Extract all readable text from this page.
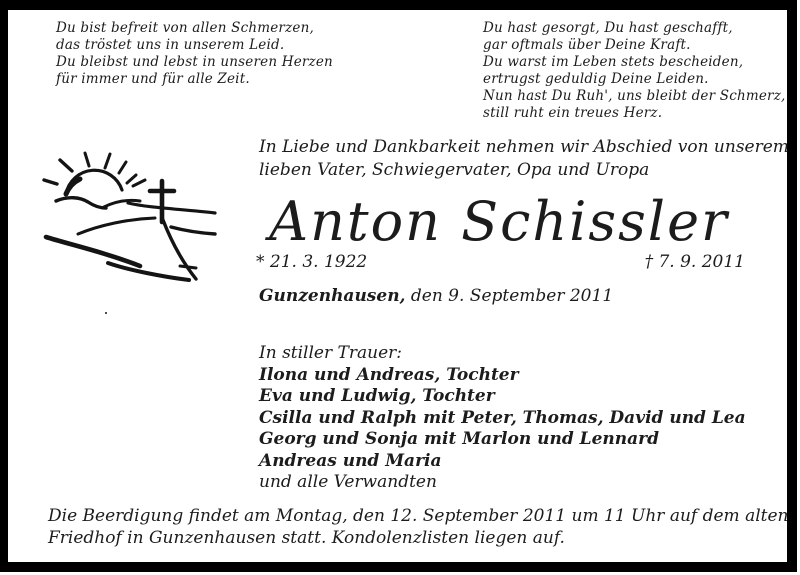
Du bist befreit von allen Schmerzen,
das tröstet uns in unserem Leid.
Du bleibst und lebst in unseren Herzen
für immer und für alle Zeit.
Du hast gesorgt, Du hast geschafft,
gar oftmals über Deine Kraft.
Du warst im Leben stets bescheiden,
ertrugst geduldig Deine Leiden.
Nun hast Du Ruh', uns bleibt der Schmerz,
still ruht ein treues Herz.
In Liebe und Dankbarkeit nehmen wir Abschied von unserem
lieben Vater, Schwiegervater, Opa und Uropa
Anton Schissler
* 21. 3. 1922	† 7. 9. 2011
Gunzenhausen, den 9. September 2011
In stiller Trauer:
Ilona und Andreas, Tochter
Eva und Ludwig, Tochter
Csilla und Ralph mit Peter, Thomas, David und Lea
Georg und Sonja mit Marlon und Lennard
Andreas und Maria
und alle Verwandten
Die Beerdigung findet am Montag, den 12. September 2011 um 11 Uhr auf dem alten
Friedhof in Gunzenhausen statt. Kondolenzlisten liegen auf.
